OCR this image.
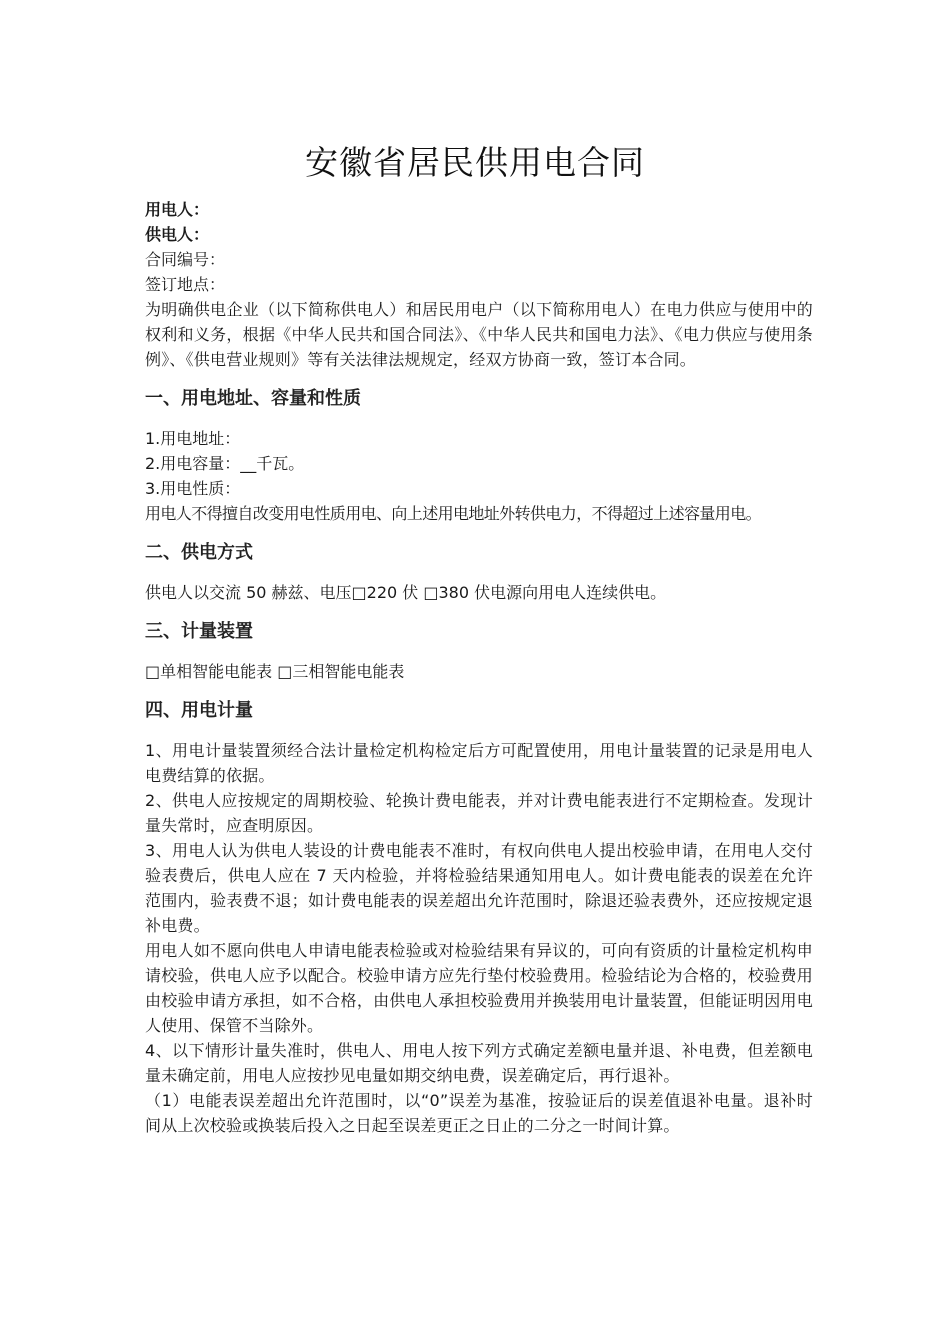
安徽省居民供用电合同
用电人：
供电人：
合同编号：
签订地点：
为明确供电企业（以下简称供电人）和居民用电户（以下简称用电人）在电力供应与使用中的权利和义务，根据《中华人民共和国合同法》、《中华人民共和国电力法》、《电力供应与使用条例》、《供电营业规则》等有关法律法规规定，经双方协商一致，签订本合同。
一、用电地址、容量和性质
1.用电地址：
2.用电容量：__千瓦。
3.用电性质：
用电人不得擅自改变用电性质用电、向上述用电地址外转供电力，不得超过上述容量用电。
二、供电方式
供电人以交流 50 赫兹、电压□220 伏 □380 伏电源向用电人连续供电。
三、计量装置
□单相智能电能表 □三相智能电能表
四、用电计量
1、用电计量装置须经合法计量检定机构检定后方可配置使用，用电计量装置的记录是用电人电费结算的依据。
2、供电人应按规定的周期校验、轮换计费电能表，并对计费电能表进行不定期检查。发现计量失常时，应查明原因。
3、用电人认为供电人装设的计费电能表不准时，有权向供电人提出校验申请，在用电人交付验表费后，供电人应在 7 天内检验，并将检验结果通知用电人。如计费电能表的误差在允许范围内，验表费不退；如计费电能表的误差超出允许范围时，除退还验表费外，还应按规定退补电费。
用电人如不愿向供电人申请电能表检验或对检验结果有异议的，可向有资质的计量检定机构申请校验，供电人应予以配合。校验申请方应先行垫付校验费用。检验结论为合格的，校验费用由校验申请方承担，如不合格，由供电人承担校验费用并换装用电计量装置，但能证明因用电人使用、保管不当除外。
4、以下情形计量失准时，供电人、用电人按下列方式确定差额电量并退、补电费，但差额电量未确定前，用电人应按抄见电量如期交纳电费，误差确定后，再行退补。
（1）电能表误差超出允许范围时，以“0”误差为基准，按验证后的误差值退补电量。退补时间从上次校验或换装后投入之日起至误差更正之日止的二分之一时间计算。
